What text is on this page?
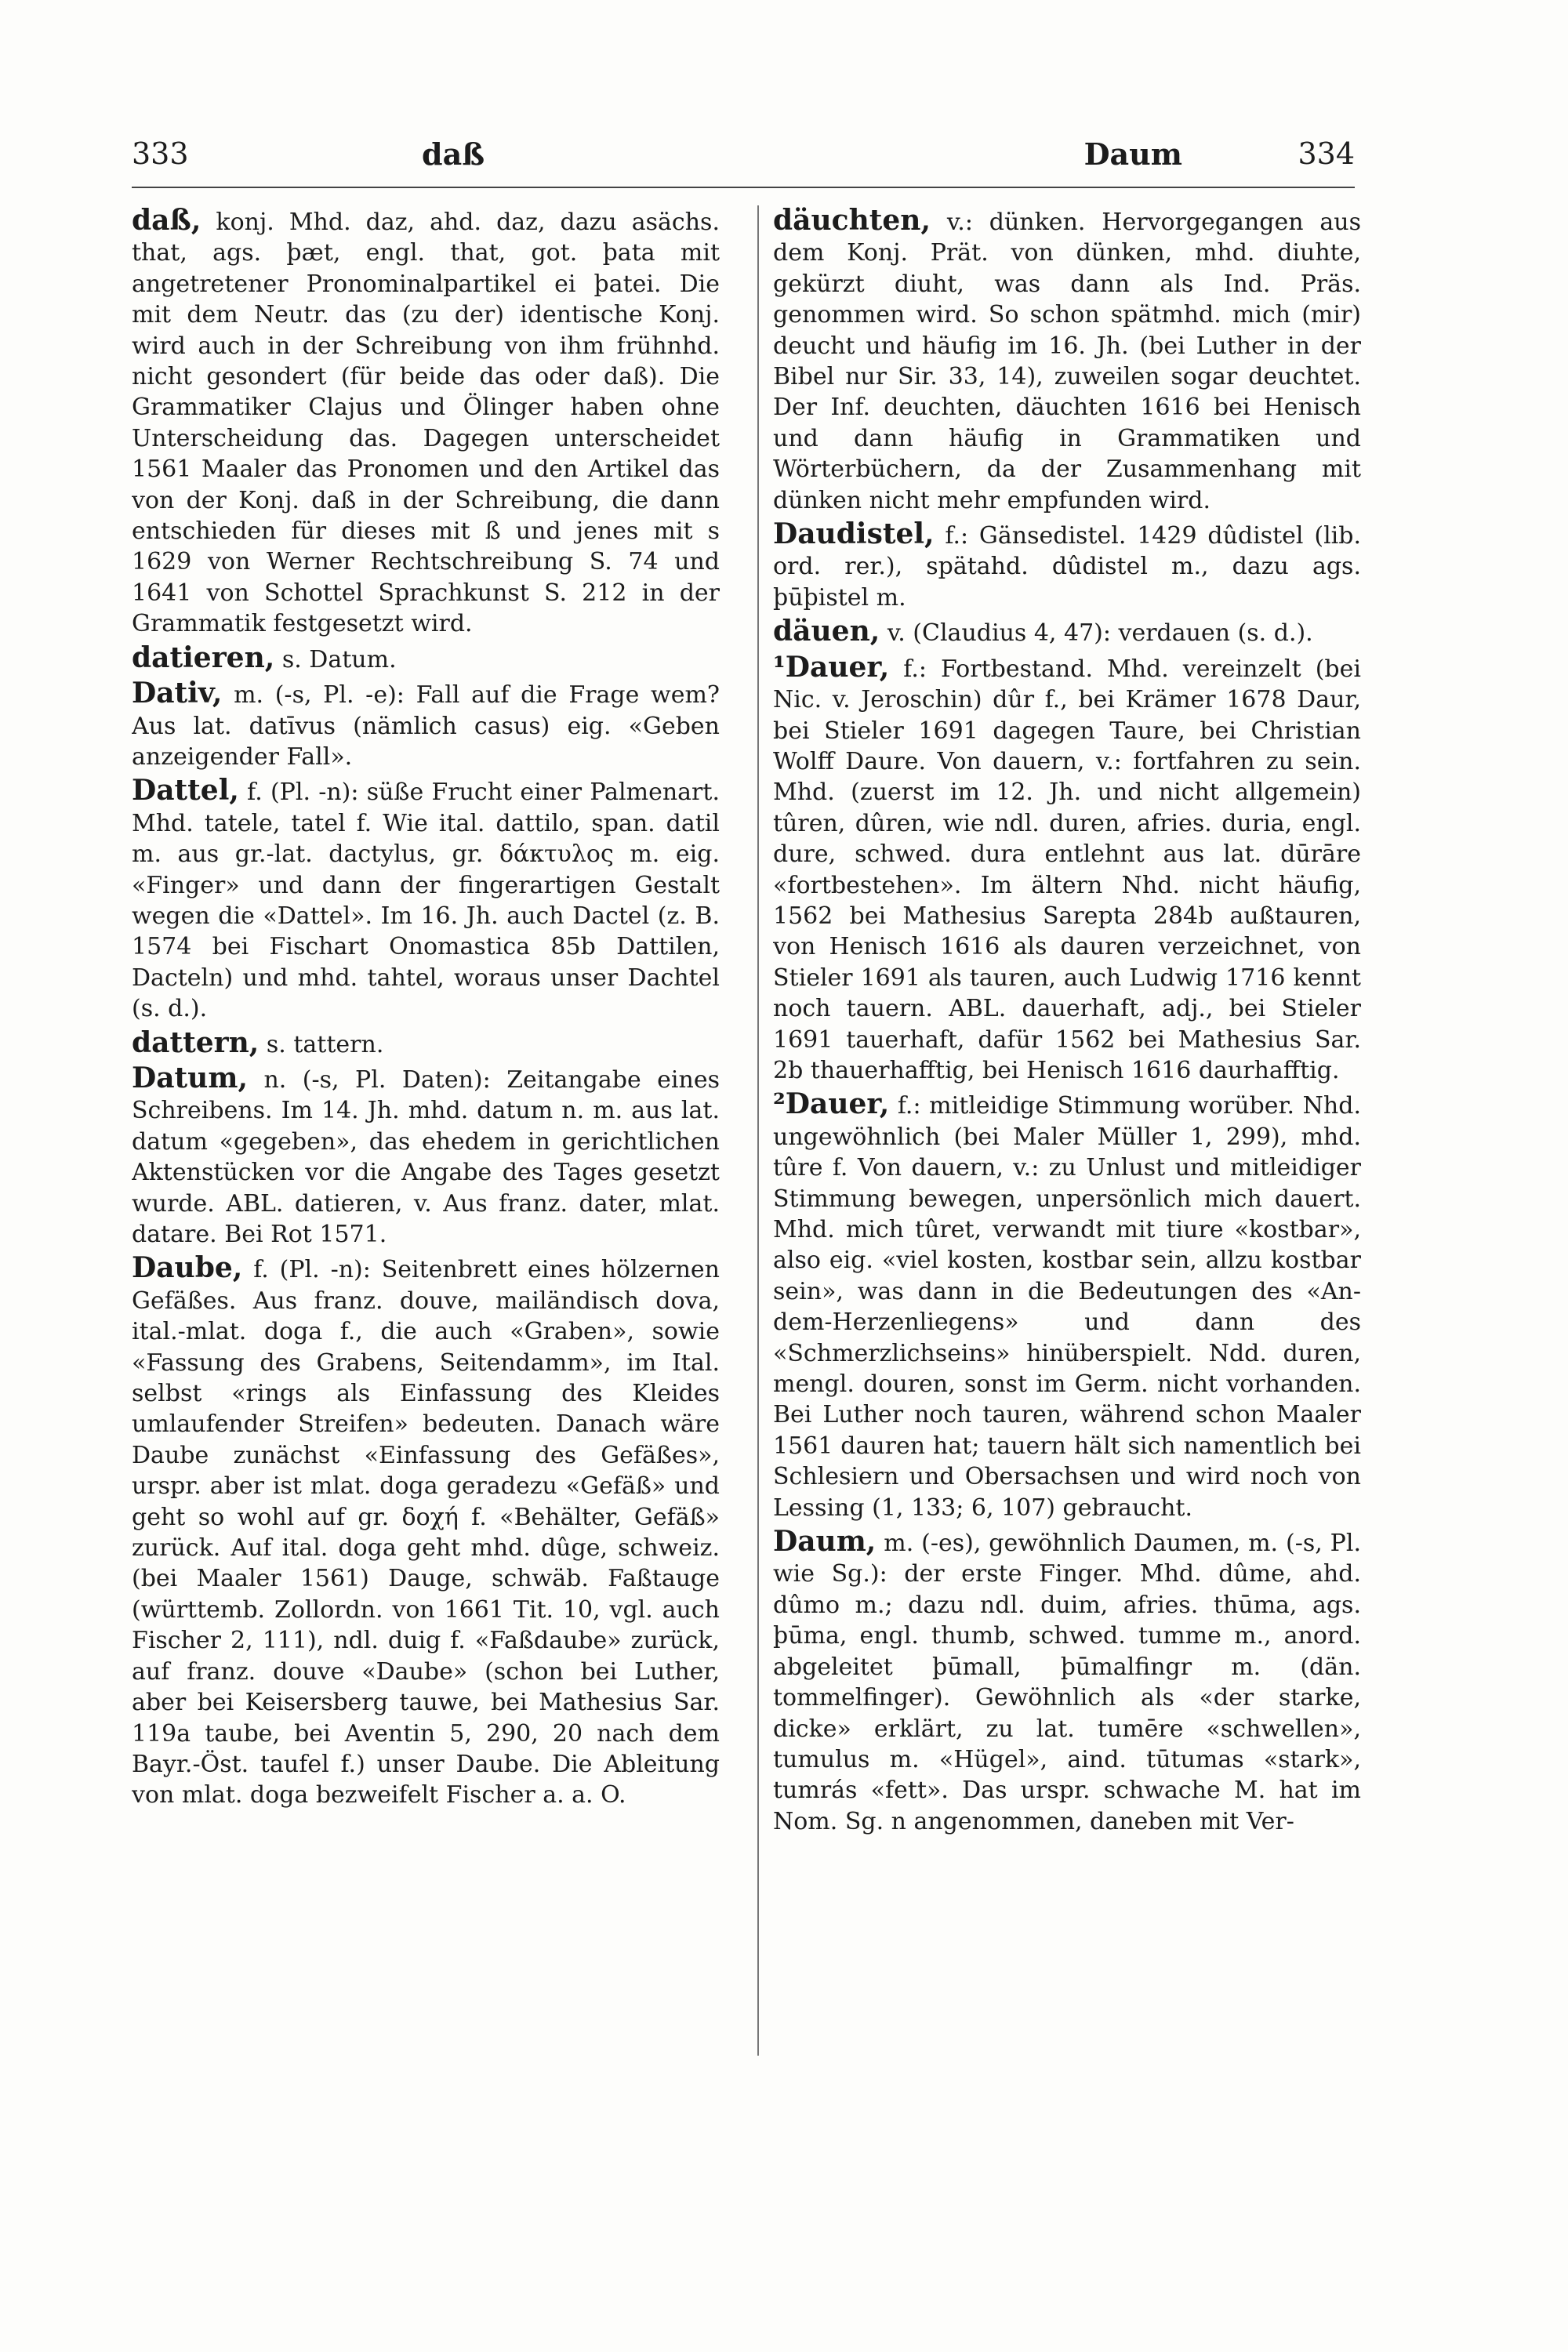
333	daß	Daum	334

daß, konj. Mhd. daz, ahd. daz, dazu asächs. that, ags. þæt, engl. that, got. þata mit angetretener Pronominalpartikel ei þatei. Die mit dem Neutr. das (zu der) identische Konj. wird auch in der Schreibung von ihm frühnhd. nicht gesondert (für beide das oder daß). Die Grammatiker Clajus und Ölinger haben ohne Unterscheidung das. Dagegen unterscheidet 1561 Maaler das Pronomen und den Artikel das von der Konj. daß in der Schreibung, die dann entschieden für dieses mit ß und jenes mit s 1629 von Werner Rechtschreibung S. 74 und 1641 von Schottel Sprachkunst S. 212 in der Grammatik festgesetzt wird.

datieren, s. Datum.

Dativ, m. (-s, Pl. -e): Fall auf die Frage wem? Aus lat. datīvus (nämlich casus) eig. «Geben anzeigender Fall».

Dattel, f. (Pl. -n): süße Frucht einer Palmenart. Mhd. tatele, tatel f. Wie ital. dattilo, span. datil m. aus gr.-lat. dactylus, gr. δάκτυλος m. eig. «Finger» und dann der fingerartigen Gestalt wegen die «Dattel». Im 16. Jh. auch Dactel (z. B. 1574 bei Fischart Onomastica 85b Dattilen, Dacteln) und mhd. tahtel, woraus unser Dachtel (s. d.).

dattern, s. tattern.

Datum, n. (-s, Pl. Daten): Zeitangabe eines Schreibens. Im 14. Jh. mhd. datum n. m. aus lat. datum «gegeben», das ehedem in gerichtlichen Aktenstücken vor die Angabe des Tages gesetzt wurde. ABL. datieren, v. Aus franz. dater, mlat. datare. Bei Rot 1571.

Daube, f. (Pl. -n): Seitenbrett eines hölzernen Gefäßes. Aus franz. douve, mailändisch dova, ital.-mlat. doga f., die auch «Graben», sowie «Fassung des Grabens, Seitendamm», im Ital. selbst «rings als Einfassung des Kleides umlaufender Streifen» bedeuten. Danach wäre Daube zunächst «Einfassung des Gefäßes», urspr. aber ist mlat. doga geradezu «Gefäß» und geht so wohl auf gr. δοχή f. «Behälter, Gefäß» zurück. Auf ital. doga geht mhd. dûge, schweiz. (bei Maaler 1561) Dauge, schwäb. Faßtauge (württemb. Zollordn. von 1661 Tit. 10, vgl. auch Fischer 2, 111), ndl. duig f. «Faßdaube» zurück, auf franz. douve «Daube» (schon bei Luther, aber bei Keisersberg tauwe, bei Mathesius Sar. 119a taube, bei Aventin 5, 290, 20 nach dem Bayr.-Öst. taufel f.) unser Daube. Die Ableitung von mlat. doga bezweifelt Fischer a. a. O.

däuchten, v.: dünken. Hervorgegangen aus dem Konj. Prät. von dünken, mhd. diuhte, gekürzt diuht, was dann als Ind. Präs. genommen wird. So schon spätmhd. mich (mir) deucht und häufig im 16. Jh. (bei Luther in der Bibel nur Sir. 33, 14), zuweilen sogar deuchtet. Der Inf. deuchten, däuchten 1616 bei Henisch und dann häufig in Grammatiken und Wörterbüchern, da der Zusammenhang mit dünken nicht mehr empfunden wird.

Daudistel, f.: Gänsedistel. 1429 dûdistel (lib. ord. rer.), spätahd. dûdistel m., dazu ags. þūþistel m.

däuen, v. (Claudius 4, 47): verdauen (s. d.).

¹Dauer, f.: Fortbestand. Mhd. vereinzelt (bei Nic. v. Jeroschin) dûr f., bei Krämer 1678 Daur, bei Stieler 1691 dagegen Taure, bei Christian Wolff Daure. Von dauern, v.: fortfahren zu sein. Mhd. (zuerst im 12. Jh. und nicht allgemein) tûren, dûren, wie ndl. duren, afries. duria, engl. dure, schwed. dura entlehnt aus lat. dūrāre «fortbestehen». Im ältern Nhd. nicht häufig, 1562 bei Mathesius Sarepta 284b außtauren, von Henisch 1616 als dauren verzeichnet, von Stieler 1691 als tauren, auch Ludwig 1716 kennt noch tauern. ABL. dauerhaft, adj., bei Stieler 1691 tauerhaft, dafür 1562 bei Mathesius Sar. 2b thauerhafftig, bei Henisch 1616 daurhafftig.

²Dauer, f.: mitleidige Stimmung worüber. Nhd. ungewöhnlich (bei Maler Müller 1, 299), mhd. tûre f. Von dauern, v.: zu Unlust und mitleidiger Stimmung bewegen, unpersönlich mich dauert. Mhd. mich tûret, verwandt mit tiure «kostbar», also eig. «viel kosten, kostbar sein, allzu kostbar sein», was dann in die Bedeutungen des «An-dem-Herzenliegens» und dann des «Schmerzlichseins» hinüberspielt. Ndd. duren, mengl. douren, sonst im Germ. nicht vorhanden. Bei Luther noch tauren, während schon Maaler 1561 dauren hat; tauern hält sich namentlich bei Schlesiern und Obersachsen und wird noch von Lessing (1, 133; 6, 107) gebraucht.

Daum, m. (-es), gewöhnlich Daumen, m. (-s, Pl. wie Sg.): der erste Finger. Mhd. dûme, ahd. dûmo m.; dazu ndl. duim, afries. thūma, ags. þūma, engl. thumb, schwed. tumme m., anord. abgeleitet þūmall, þūmalfingr m. (dän. tommelfinger). Gewöhnlich als «der starke, dicke» erklärt, zu lat. tumēre «schwellen», tumulus m. «Hügel», aind. tūtumas «stark», tumrás «fett». Das urspr. schwache M. hat im Nom. Sg. n angenommen, daneben mit Ver-
